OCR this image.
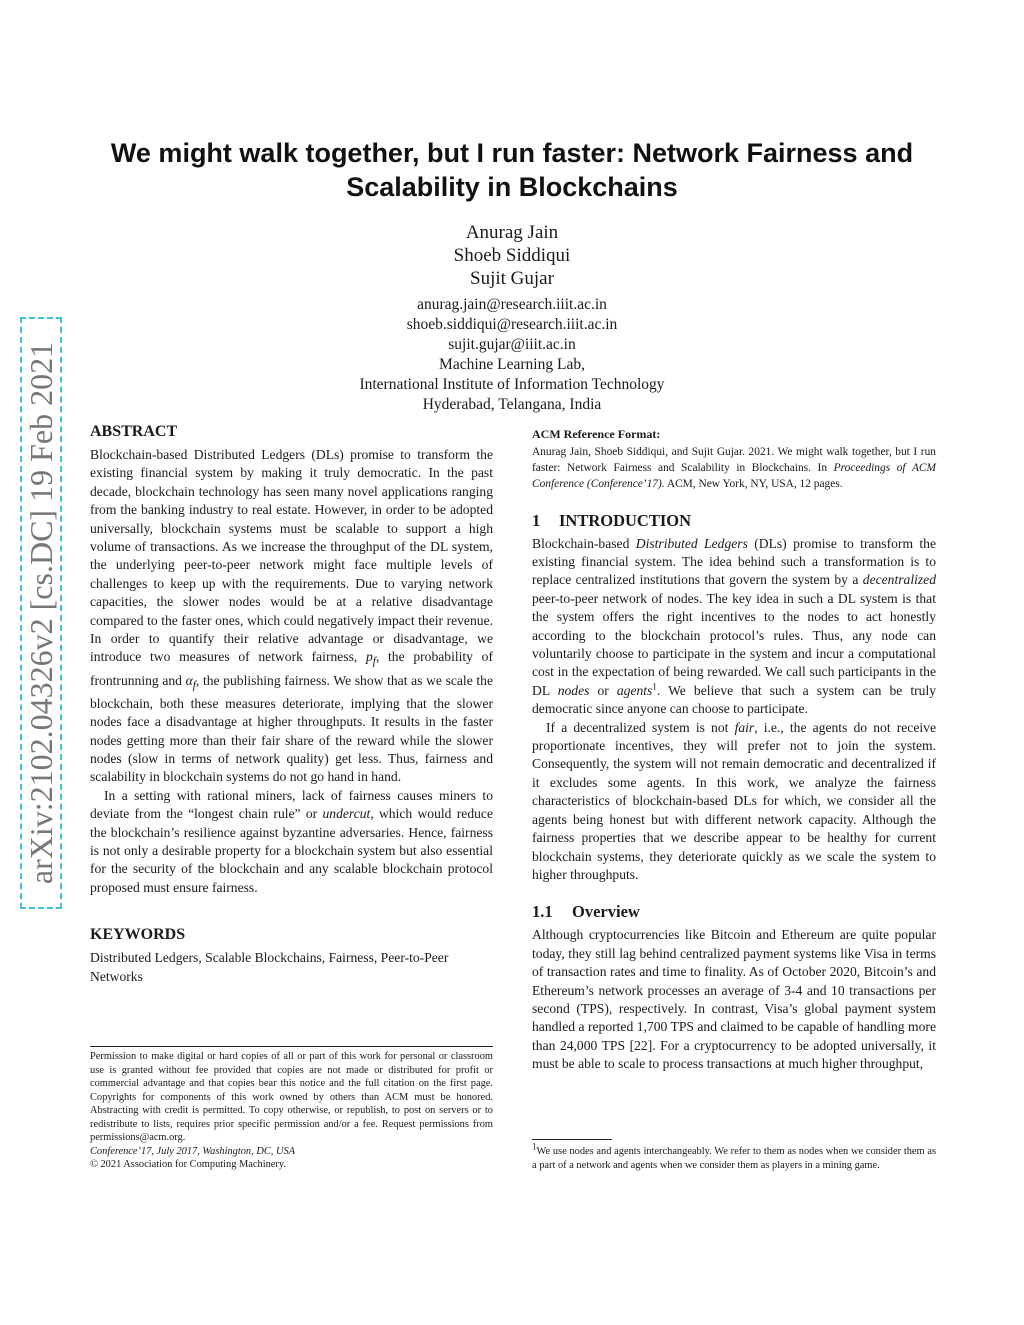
arXiv:2102.04326v2 [cs.DC] 19 Feb 2021
We might walk together, but I run faster: Network Fairness and Scalability in Blockchains
Anurag Jain
Shoeb Siddiqui
Sujit Gujar
anurag.jain@research.iiit.ac.in
shoeb.siddiqui@research.iiit.ac.in
sujit.gujar@iiit.ac.in
Machine Learning Lab,
International Institute of Information Technology
Hyderabad, Telangana, India
ABSTRACT

Blockchain-based Distributed Ledgers (DLs) promise to transform the existing financial system by making it truly democratic. In the past decade, blockchain technology has seen many novel applications ranging from the banking industry to real estate. However, in order to be adopted universally, blockchain systems must be scalable to support a high volume of transactions. As we increase the throughput of the DL system, the underlying peer-to-peer network might face multiple levels of challenges to keep up with the requirements. Due to varying network capacities, the slower nodes would be at a relative disadvantage compared to the faster ones, which could negatively impact their revenue. In order to quantify their relative advantage or disadvantage, we introduce two measures of network fairness, $p_f$, the probability of frontrunning and $\alpha_f$, the publishing fairness. We show that as we scale the blockchain, both these measures deteriorate, implying that the slower nodes face a disadvantage at higher throughputs. It results in the faster nodes getting more than their fair share of the reward while the slower nodes (slow in terms of network quality) get less. Thus, fairness and scalability in blockchain systems do not go hand in hand.

In a setting with rational miners, lack of fairness causes miners to deviate from the “longest chain rule” or undercut, which would reduce the blockchain’s resilience against byzantine adversaries. Hence, fairness is not only a desirable property for a blockchain system but also essential for the security of the blockchain and any scalable blockchain protocol proposed must ensure fairness.

KEYWORDS

Distributed Ledgers, Scalable Blockchains, Fairness, Peer-to-Peer Networks

Permission to make digital or hard copies of all or part of this work for personal or classroom use is granted without fee provided that copies are not made or distributed for profit or commercial advantage and that copies bear this notice and the full citation on the first page. Copyrights for components of this work owned by others than ACM must be honored. Abstracting with credit is permitted. To copy otherwise, or republish, to post on servers or to redistribute to lists, requires prior specific permission and/or a fee. Request permissions from permissions@acm.org.
Conference’17, July 2017, Washington, DC, USA
© 2021 Association for Computing Machinery.
ACM Reference Format:

Anurag Jain, Shoeb Siddiqui, and Sujit Gujar. 2021. We might walk together, but I run faster: Network Fairness and Scalability in Blockchains. In Proceedings of ACM Conference (Conference’17). ACM, New York, NY, USA, 12 pages.

1 INTRODUCTION

Blockchain-based Distributed Ledgers (DLs) promise to transform the existing financial system. The idea behind such a transformation is to replace centralized institutions that govern the system by a decentralized peer-to-peer network of nodes. The key idea in such a DL system is that the system offers the right incentives to the nodes to act honestly according to the blockchain protocol’s rules. Thus, any node can voluntarily choose to participate in the system and incur a computational cost in the expectation of being rewarded. We call such participants in the DL nodes or agents$^1$. We believe that such a system can be truly democratic since anyone can choose to participate.

If a decentralized system is not fair, i.e., the agents do not receive proportionate incentives, they will prefer not to join the system. Consequently, the system will not remain democratic and decentralized if it excludes some agents. In this work, we analyze the fairness characteristics of blockchain-based DLs for which, we consider all the agents being honest but with different network capacity. Although the fairness properties that we describe appear to be healthy for current blockchain systems, they deteriorate quickly as we scale the system to higher throughputs.

1.1 Overview

Although cryptocurrencies like Bitcoin and Ethereum are quite popular today, they still lag behind centralized payment systems like Visa in terms of transaction rates and time to finality. As of October 2020, Bitcoin’s and Ethereum’s network processes an average of 3-4 and 10 transactions per second (TPS), respectively. In contrast, Visa’s global payment system handled a reported 1,700 TPS and claimed to be capable of handling more than 24,000 TPS [22]. For a cryptocurrency to be adopted universally, it must be able to scale to process transactions at much higher throughput,

$^1$We use nodes and agents interchangeably. We refer to them as nodes when we consider them as a part of a network and agents when we consider them as players in a mining game.
